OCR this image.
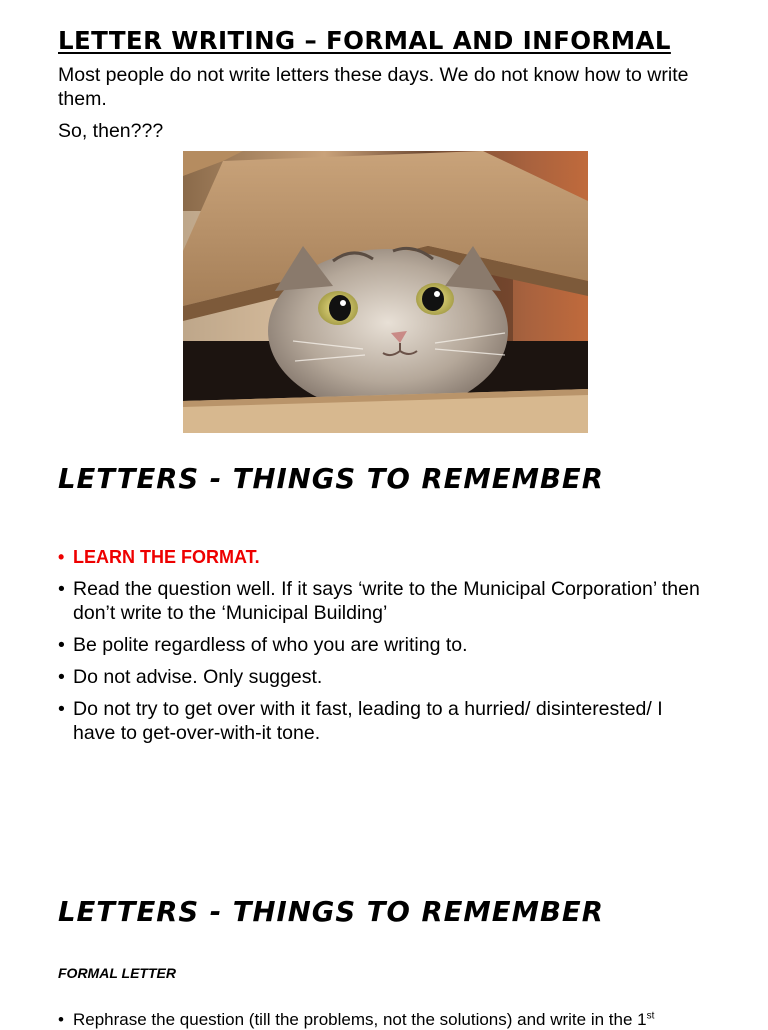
LETTER WRITING – FORMAL AND INFORMAL

Most people do not write letters these days. We do not know how to write them.

So, then???

LETTERS - THINGS TO REMEMBER
• LEARN THE FORMAT.
• Read the question well. If it says ‘write to the Municipal Corporation’ then don’t write to the ‘Municipal Building’
• Be polite regardless of who you are writing to.
• Do not advise. Only suggest.
• Do not try to get over with it fast, leading to a hurried/ disinterested/ I have to get-over-with-it tone.
LETTERS - THINGS TO REMEMBER

FORMAL LETTER

• Rephrase the question (till the problems, not the solutions) and write in the 1st
